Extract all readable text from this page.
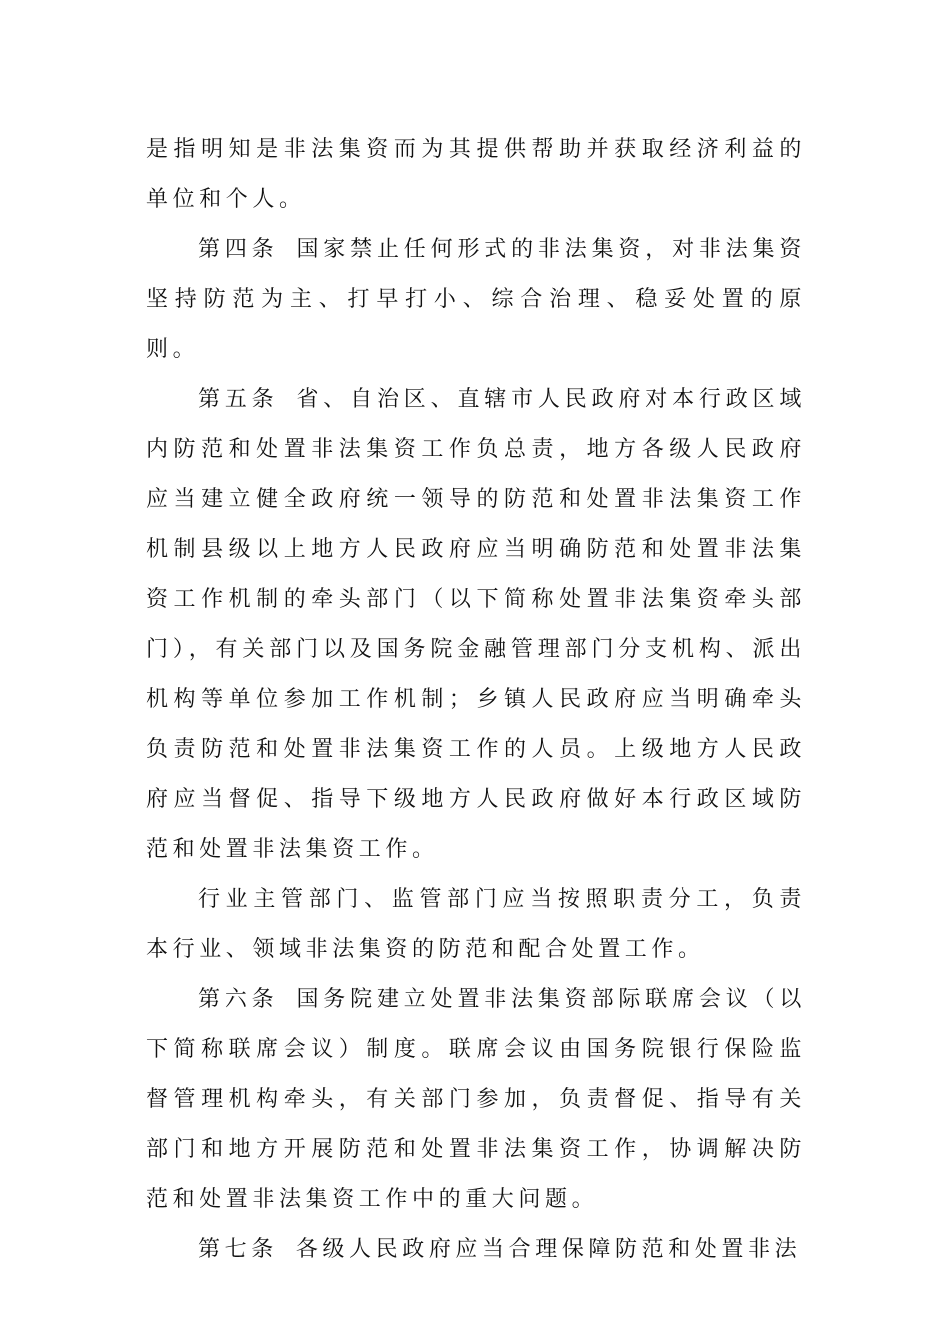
是指明知是非法集资而为其提供帮助并获取经济利益的单位和个人。

第四条 国家禁止任何形式的非法集资，对非法集资坚持防范为主、打早打小、综合治理、稳妥处置的原则。

第五条 省、自治区、直辖市人民政府对本行政区域内防范和处置非法集资工作负总责，地方各级人民政府应当建立健全政府统一领导的防范和处置非法集资工作机制县级以上地方人民政府应当明确防范和处置非法集资工作机制的牵头部门（以下简称处置非法集资牵头部门），有关部门以及国务院金融管理部门分支机构、派出机构等单位参加工作机制；乡镇人民政府应当明确牵头负责防范和处置非法集资工作的人员。上级地方人民政府应当督促、指导下级地方人民政府做好本行政区域防范和处置非法集资工作。

行业主管部门、监管部门应当按照职责分工，负责本行业、领域非法集资的防范和配合处置工作。

第六条 国务院建立处置非法集资部际联席会议（以下简称联席会议）制度。联席会议由国务院银行保险监督管理机构牵头，有关部门参加，负责督促、指导有关部门和地方开展防范和处置非法集资工作，协调解决防范和处置非法集资工作中的重大问题。

第七条 各级人民政府应当合理保障防范和处置非法
